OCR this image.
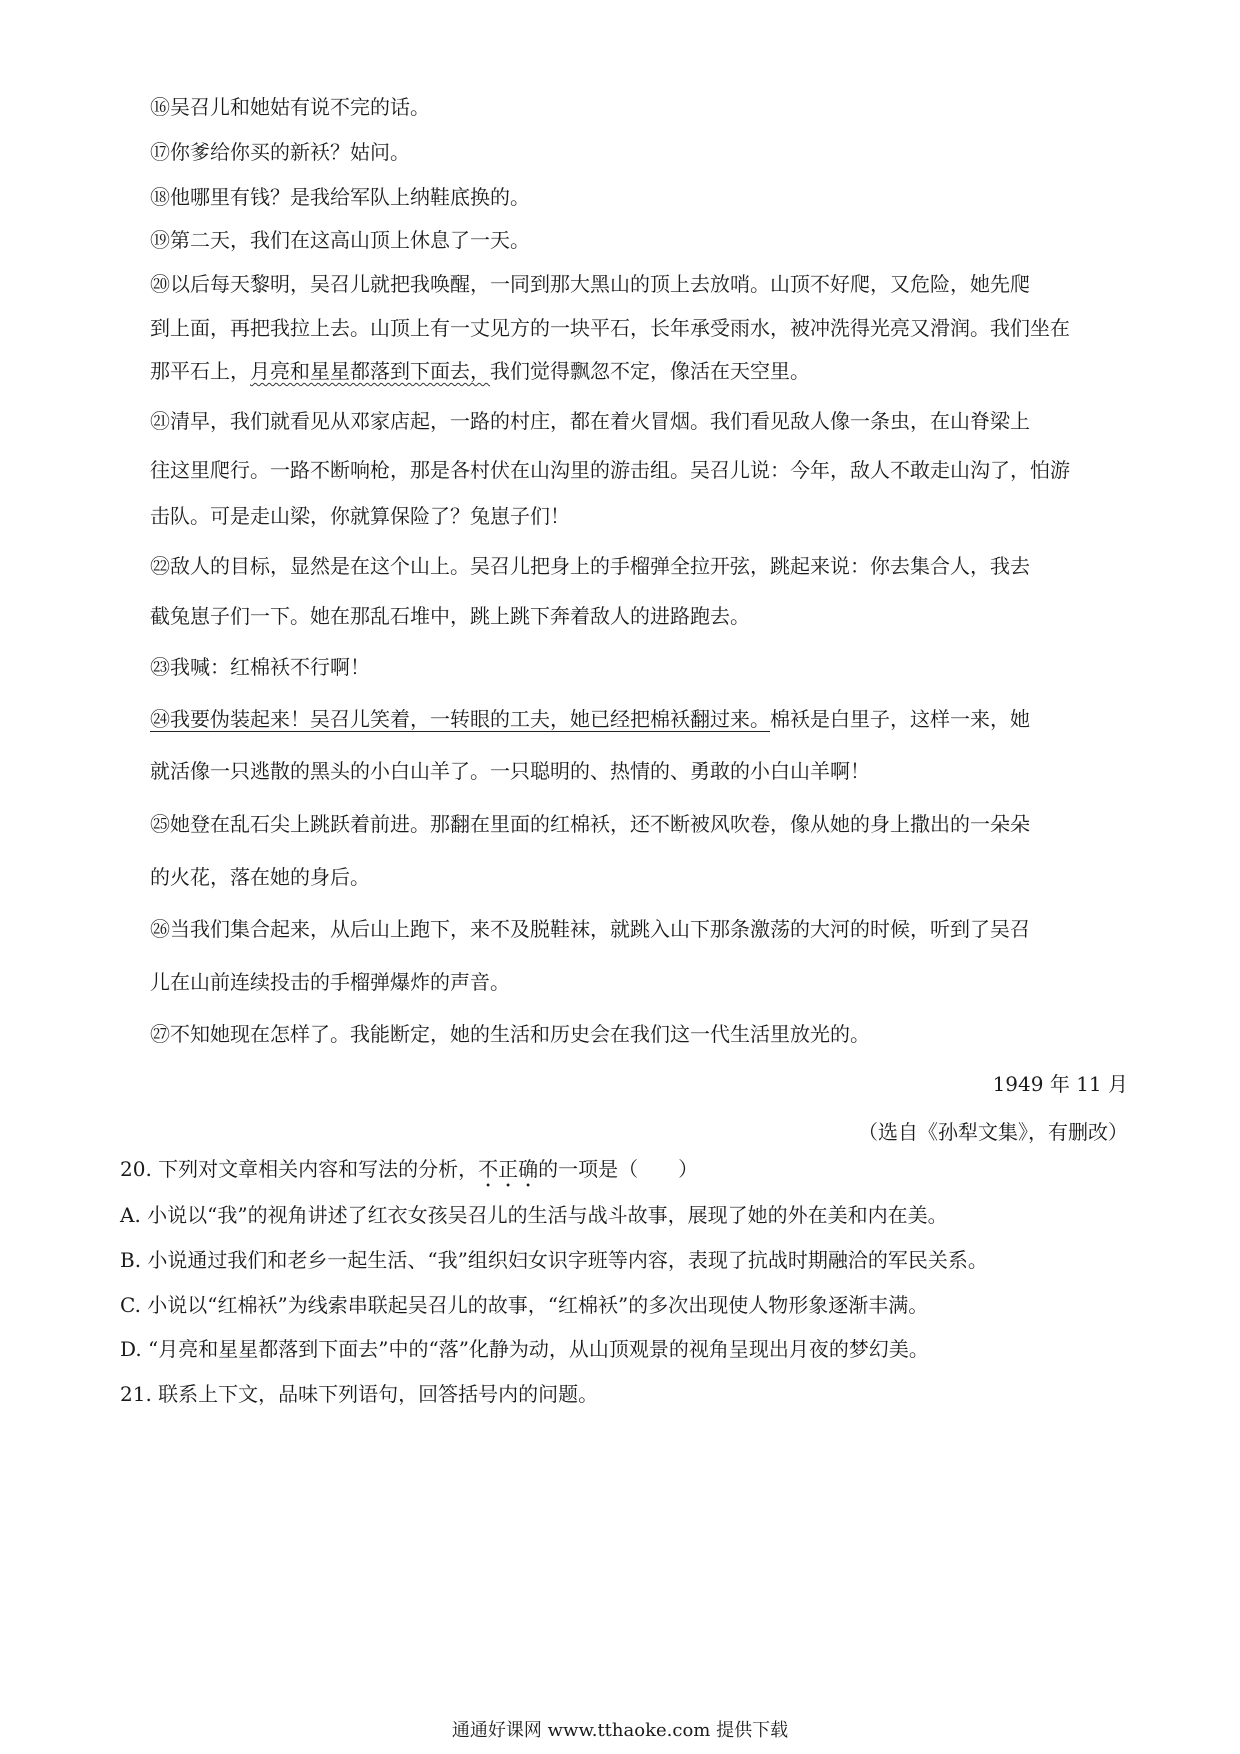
⑯吴召儿和她姑有说不完的话。
⑰你爹给你买的新袄？姑问。
⑱他哪里有钱？是我给军队上纳鞋底换的。
⑲第二天，我们在这高山顶上休息了一天。
⑳以后每天黎明，吴召儿就把我唤醒，一同到那大黑山的顶上去放哨。山顶不好爬，又危险，她先爬
到上面，再把我拉上去。山顶上有一丈见方的一块平石，长年承受雨水，被冲洗得光亮又滑润。我们坐在
那平石上，月亮和星星都落到下面去，我们觉得飘忽不定，像活在天空里。
㉑清早，我们就看见从邓家店起，一路的村庄，都在着火冒烟。我们看见敌人像一条虫，在山脊梁上
往这里爬行。一路不断响枪，那是各村伏在山沟里的游击组。吴召儿说：今年，敌人不敢走山沟了，怕游
击队。可是走山梁，你就算保险了？兔崽子们！
㉒敌人的目标，显然是在这个山上。吴召儿把身上的手榴弹全拉开弦，跳起来说：你去集合人，我去
截兔崽子们一下。她在那乱石堆中，跳上跳下奔着敌人的进路跑去。
㉓我喊：红棉袄不行啊！
㉔我要伪装起来！吴召儿笑着，一转眼的工夫，她已经把棉袄翻过来。棉袄是白里子，这样一来，她
就活像一只逃散的黑头的小白山羊了。一只聪明的、热情的、勇敢的小白山羊啊！
㉕她登在乱石尖上跳跃着前进。那翻在里面的红棉袄，还不断被风吹卷，像从她的身上撒出的一朵朵
的火花，落在她的身后。
㉖当我们集合起来，从后山上跑下，来不及脱鞋袜，就跳入山下那条激荡的大河的时候，听到了吴召
儿在山前连续投击的手榴弹爆炸的声音。
㉗不知她现在怎样了。我能断定，她的生活和历史会在我们这一代生活里放光的。
1949 年 11 月
（选自《孙犁文集》，有删改）
20. 下列对文章相关内容和写法的分析，不正确的一项是（　　）
A. 小说以“我”的视角讲述了红衣女孩吴召儿的生活与战斗故事，展现了她的外在美和内在美。
B. 小说通过我们和老乡一起生活、“我”组织妇女识字班等内容，表现了抗战时期融洽的军民关系。
C. 小说以“红棉袄”为线索串联起吴召儿的故事，“红棉袄”的多次出现使人物形象逐渐丰满。
D. “月亮和星星都落到下面去”中的“落”化静为动，从山顶观景的视角呈现出月夜的梦幻美。
21. 联系上下文，品味下列语句，回答括号内的问题。
通通好课网 www.tthaoke.com 提供下载
